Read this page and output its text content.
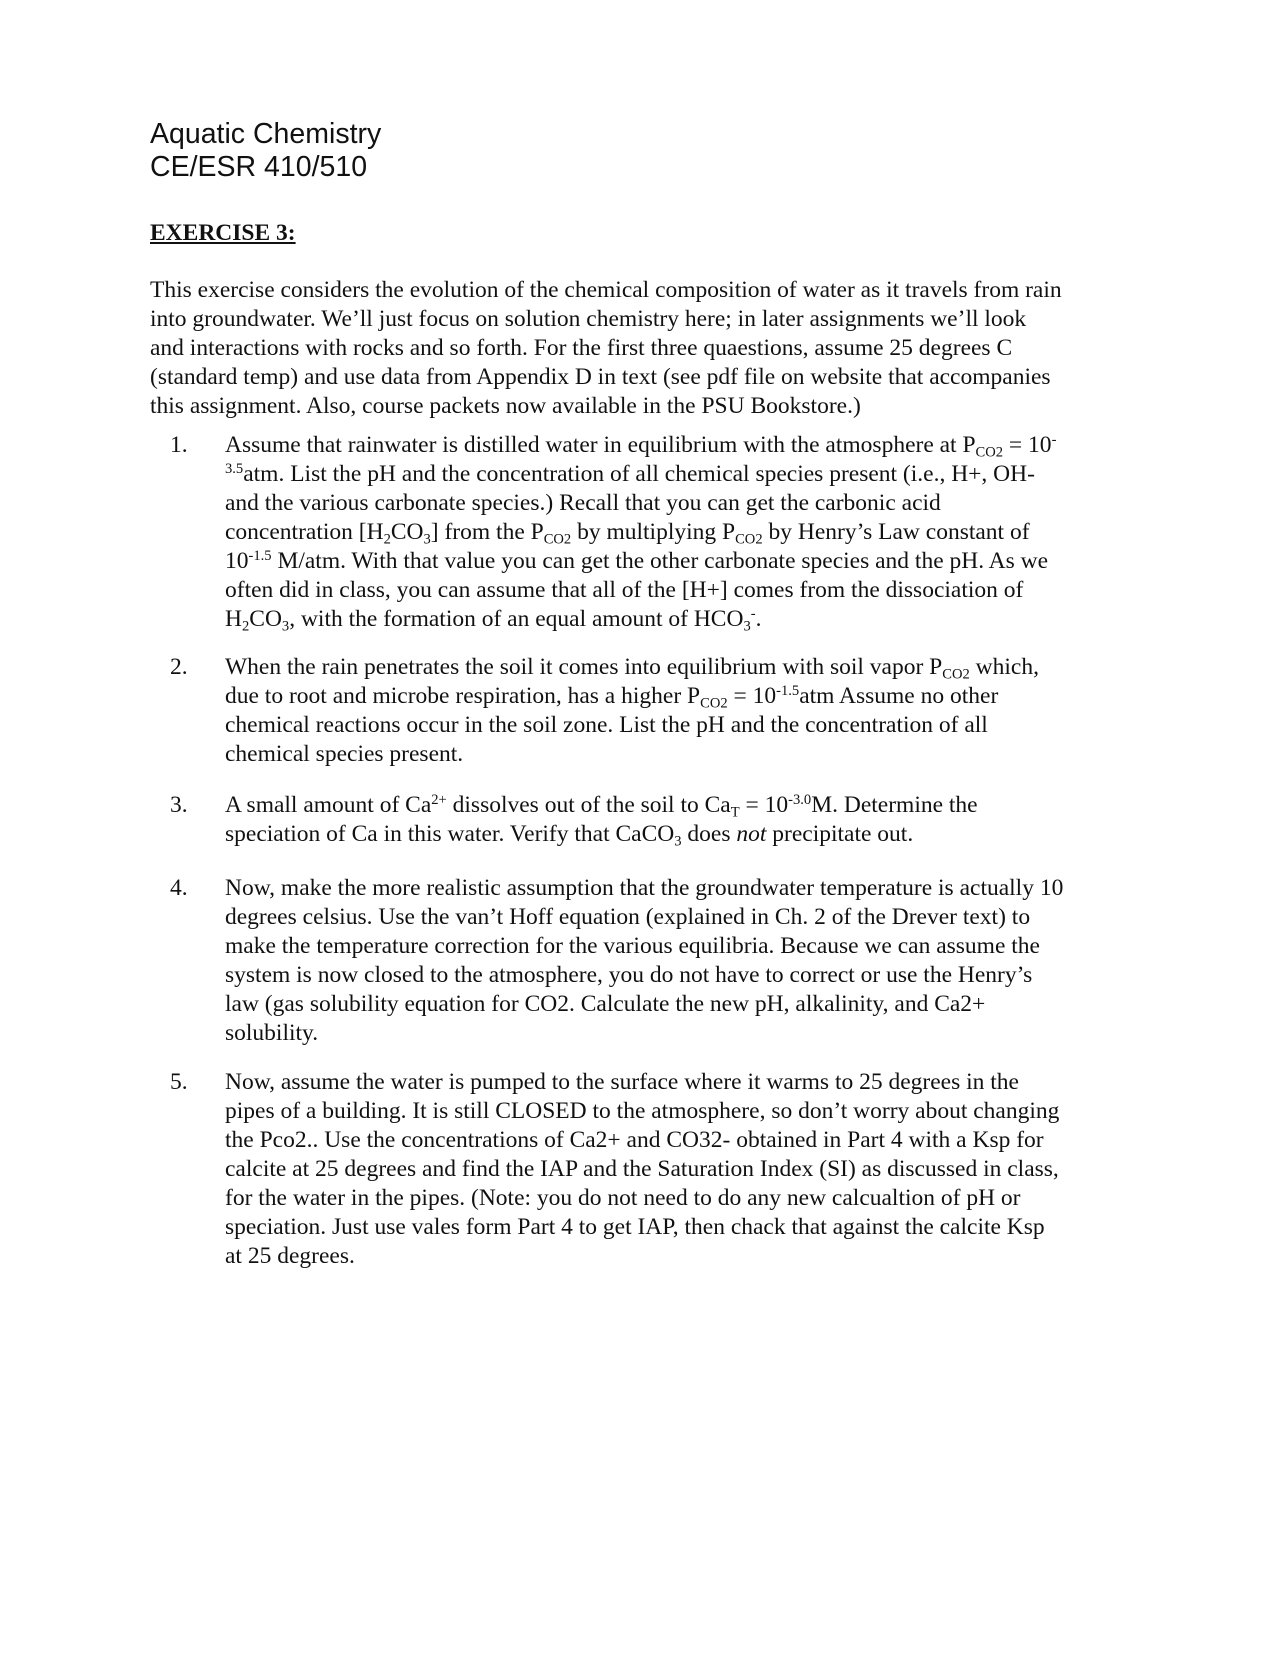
Aquatic Chemistry
CE/ESR 410/510
EXERCISE 3:
This exercise considers the evolution of the chemical composition of water as it travels from rain
into groundwater. We’ll just focus on solution chemistry here; in later assignments we’ll look
and interactions with rocks and so forth. For the first three quaestions, assume 25 degrees C
(standard temp) and use data from Appendix D in text (see pdf file on website that accompanies
this assignment. Also, course packets now available in the PSU Bookstore.)
1. Assume that rainwater is distilled water in equilibrium with the atmosphere at $P_{CO2} = 10^-$
$^{3.5}$atm. List the pH and the concentration of all chemical species present (i.e., H+, OH-
and the various carbonate species.) Recall that you can get the carbonic acid
concentration $[H_2CO_3]$ from the $P_{CO2}$ by multiplying $P_{CO2}$ by Henry’s Law constant of
$10^{-1.5}$ M/atm. With that value you can get the other carbonate species and the pH. As we
often did in class, you can assume that all of the [H+] comes from the dissociation of
$H_2CO_3$, with the formation of an equal amount of $HCO_3^-$.
2. When the rain penetrates the soil it comes into equilibrium with soil vapor $P_{CO2}$ which,
due to root and microbe respiration, has a higher $P_{CO2} = 10^{-1.5}atm$ Assume no other
chemical reactions occur in the soil zone. List the pH and the concentration of all
chemical species present.
3. A small amount of $Ca^{2+}$ dissolves out of the soil to $Ca_T = 10^{-3.0}M$. Determine the
speciation of Ca in this water. Verify that CaCO$_3$ does not precipitate out.
4. Now, make the more realistic assumption that the groundwater temperature is actually 10
degrees celsius. Use the van’t Hoff equation (explained in Ch. 2 of the Drever text) to
make the temperature correction for the various equilibria. Because we can assume the
system is now closed to the atmosphere, you do not have to correct or use the Henry’s
law (gas solubility equation for CO2. Calculate the new pH, alkalinity, and Ca2+
solubility.
5. Now, assume the water is pumped to the surface where it warms to 25 degrees in the
pipes of a building. It is still CLOSED to the atmosphere, so don’t worry about changing
the Pco2.. Use the concentrations of Ca2+ and CO32- obtained in Part 4 with a Ksp for
calcite at 25 degrees and find the IAP and the Saturation Index (SI) as discussed in class,
for the water in the pipes. (Note: you do not need to do any new calcualtion of pH or
speciation. Just use vales form Part 4 to get IAP, then chack that against the calcite Ksp
at 25 degrees.
